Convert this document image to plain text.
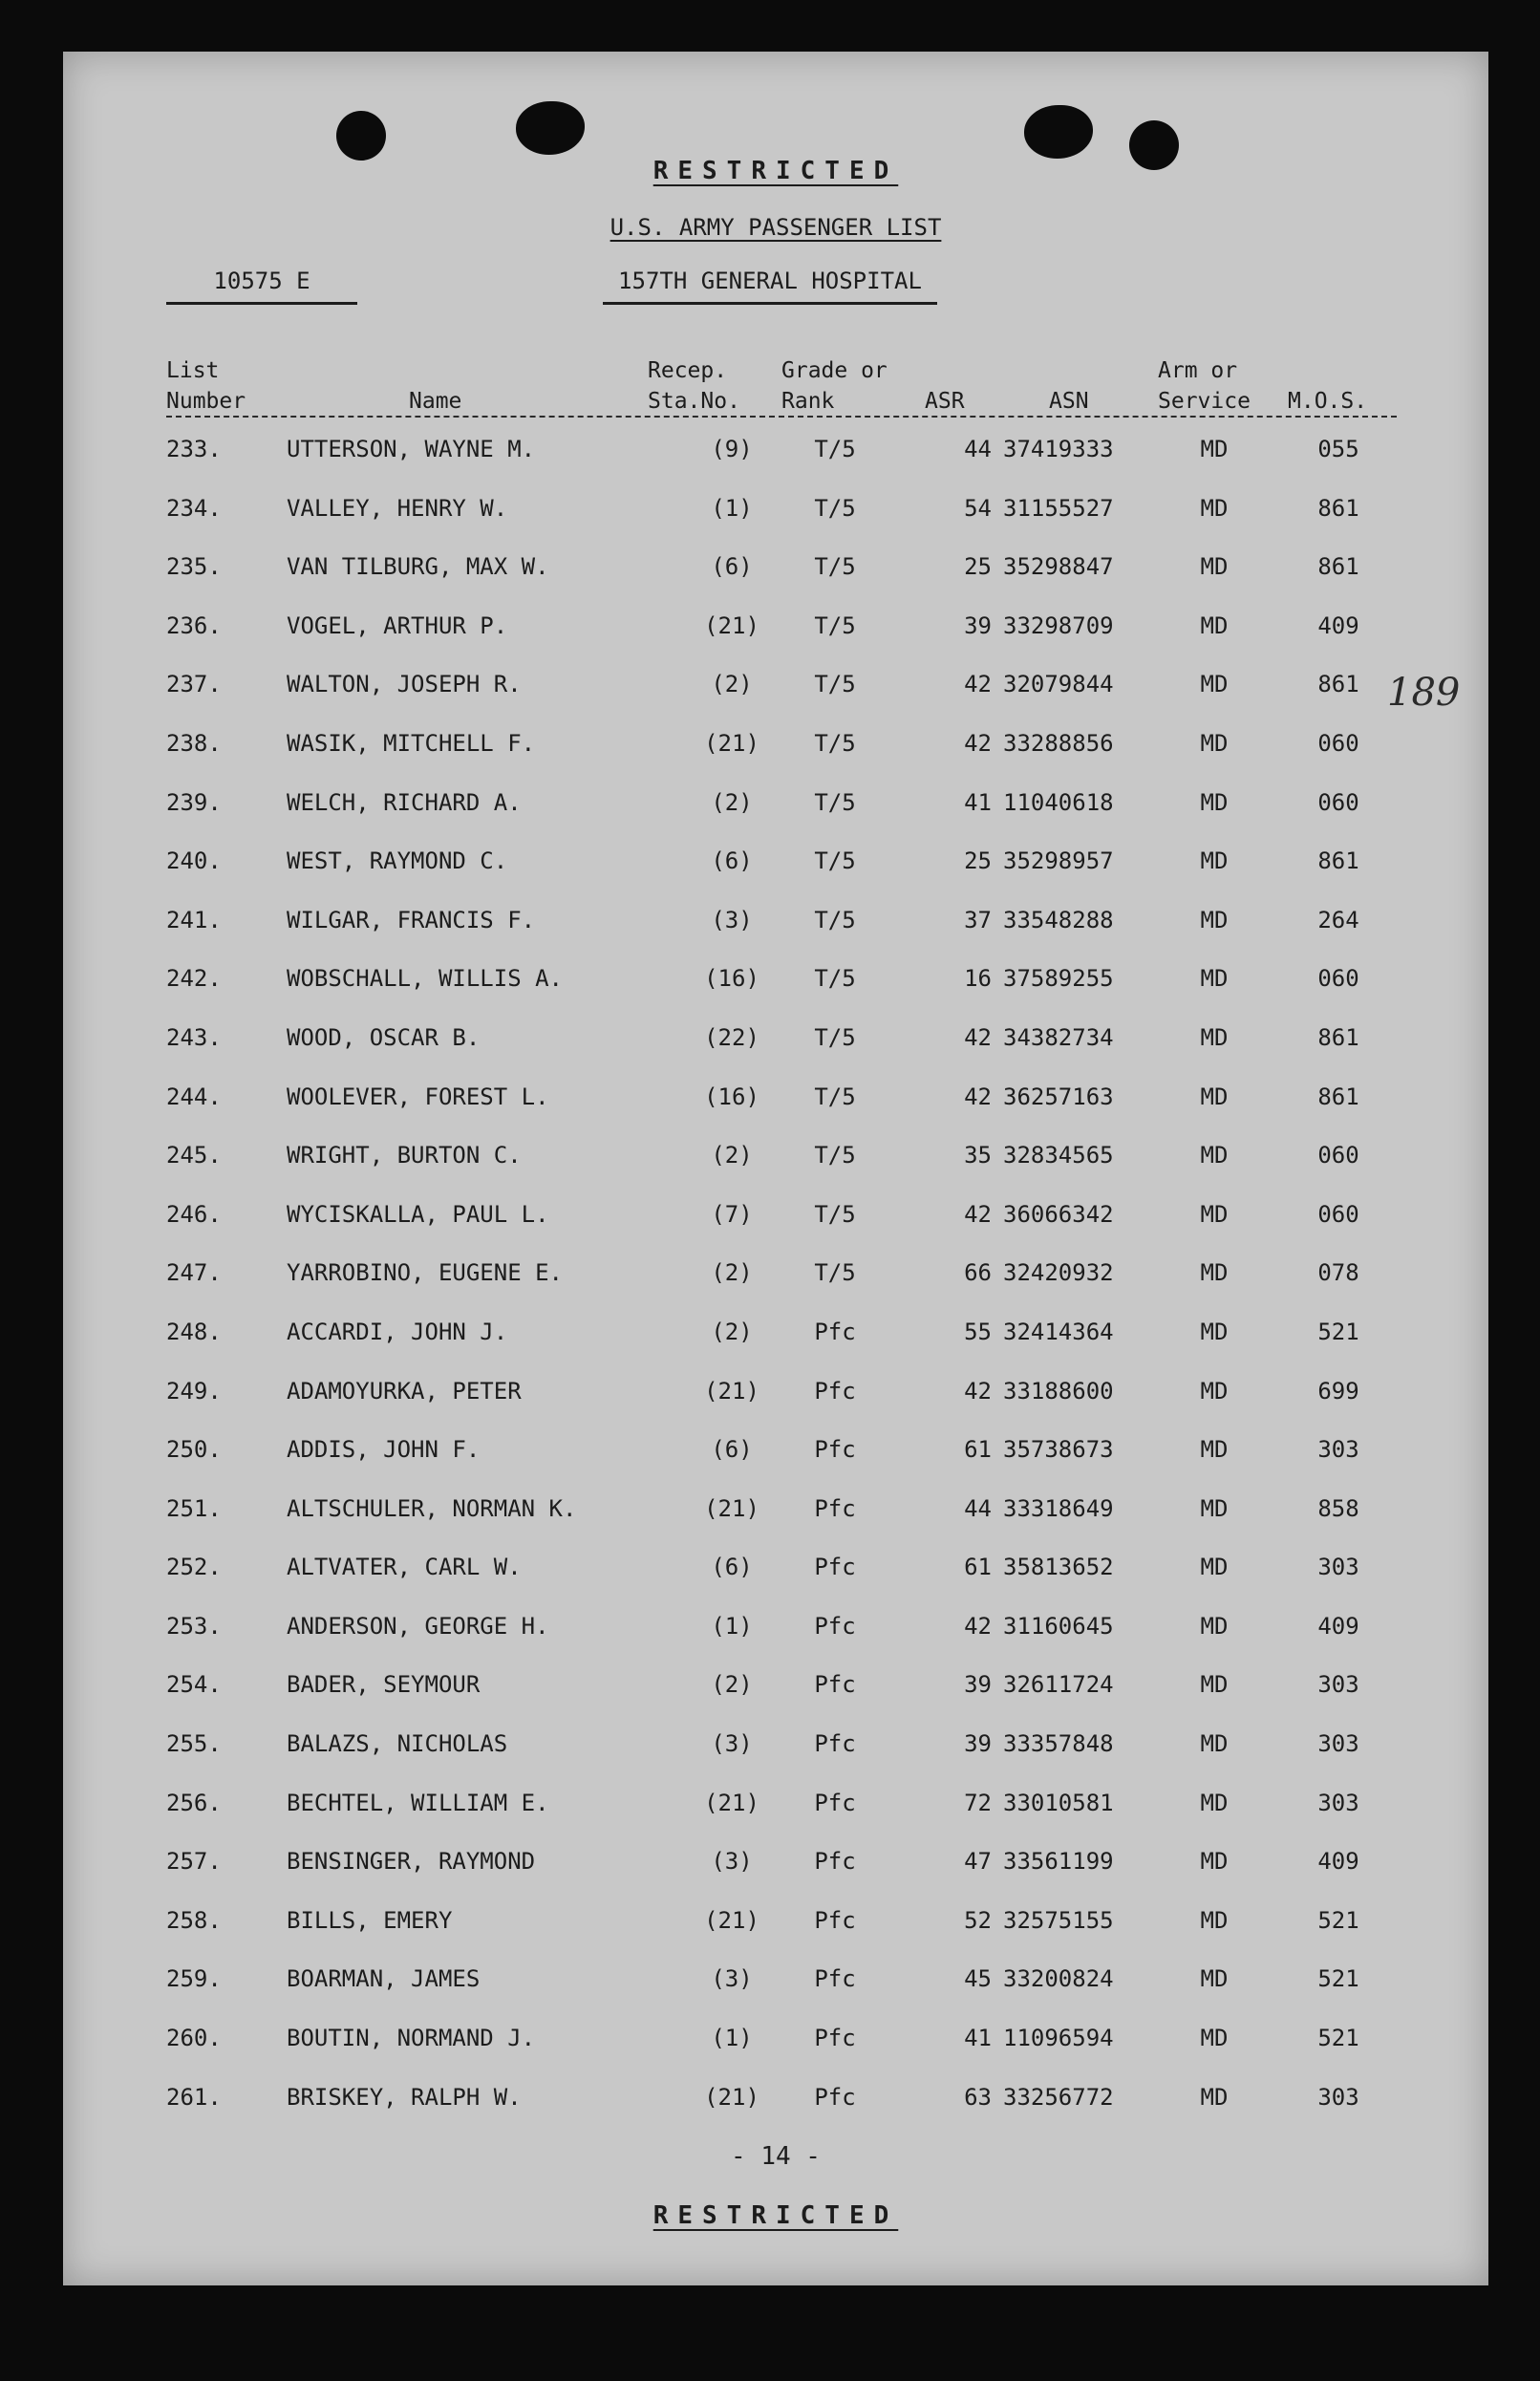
RESTRICTED
U.S. ARMY PASSENGER LIST
10575 E	157TH GENERAL HOSPITAL
List
Number	Name
Recep.
Sta.No.
Grade or
Rank	ASR	ASN
Arm or
Service M.O.S.
233.	UTTERSON, WAYNE M.	(9)	T/5	44 37419333	MD	055
234.	VALLEY, HENRY W.	(1)	T/5	54 31155527	MD	861
235.	VAN TILBURG, MAX W.	(6)	T/5	25 35298847	MD	861
236.	VOGEL, ARTHUR P.	(21)	T/5	39 33298709	MD	409
237.	WALTON, JOSEPH R.	(2)	T/5	42 32079844	MD	861
238.	WASIK, MITCHELL F.	(21)	T/5	42 33288856	MD	060
239.	WELCH, RICHARD A.	(2)	T/5	41 11040618	MD	060
240.	WEST, RAYMOND C.	(6)	T/5	25 35298957	MD	861
241.	WILGAR, FRANCIS F.	(3)	T/5	37 33548288	MD	264
242.	WOBSCHALL, WILLIS A.	(16)	T/5	16 37589255	MD	060
243.	WOOD, OSCAR B.	(22)	T/5	42 34382734	MD	861
244.	WOOLEVER, FOREST L.	(16)	T/5	42 36257163	MD	861
245.	WRIGHT, BURTON C.	(2)	T/5	35 32834565	MD	060
246.	WYCISKALLA, PAUL L.	(7)	T/5	42 36066342	MD	060
247.	YARROBINO, EUGENE E.	(2)	T/5	66 32420932	MD	078
248.	ACCARDI, JOHN J.	(2)	Pfc	55 32414364	MD	521
249.	ADAMOYURKA, PETER	(21)	Pfc	42 33188600	MD	699
250.	ADDIS, JOHN F.	(6)	Pfc	61 35738673	MD	303
251.	ALTSCHULER, NORMAN K.	(21)	Pfc	44 33318649	MD	858
252.	ALTVATER, CARL W.	(6)	Pfc	61 35813652	MD	303
253.	ANDERSON, GEORGE H.	(1)	Pfc	42 31160645	MD	409
254.	BADER, SEYMOUR	(2)	Pfc	39 32611724	MD	303
255.	BALAZS, NICHOLAS	(3)	Pfc	39 33357848	MD	303
256.	BECHTEL, WILLIAM E.	(21)	Pfc	72 33010581	MD	303
257.	BENSINGER, RAYMOND	(3)	Pfc	47 33561199	MD	409
258.	BILLS, EMERY	(21)	Pfc	52 32575155	MD	521
259.	BOARMAN, JAMES	(3)	Pfc	45 33200824	MD	521
260.	BOUTIN, NORMAND J.	(1)	Pfc	41 11096594	MD	521
261.	BRISKEY, RALPH W.	(21)	Pfc	63 33256772	MD	303
189
- 14 -
RESTRICTED
